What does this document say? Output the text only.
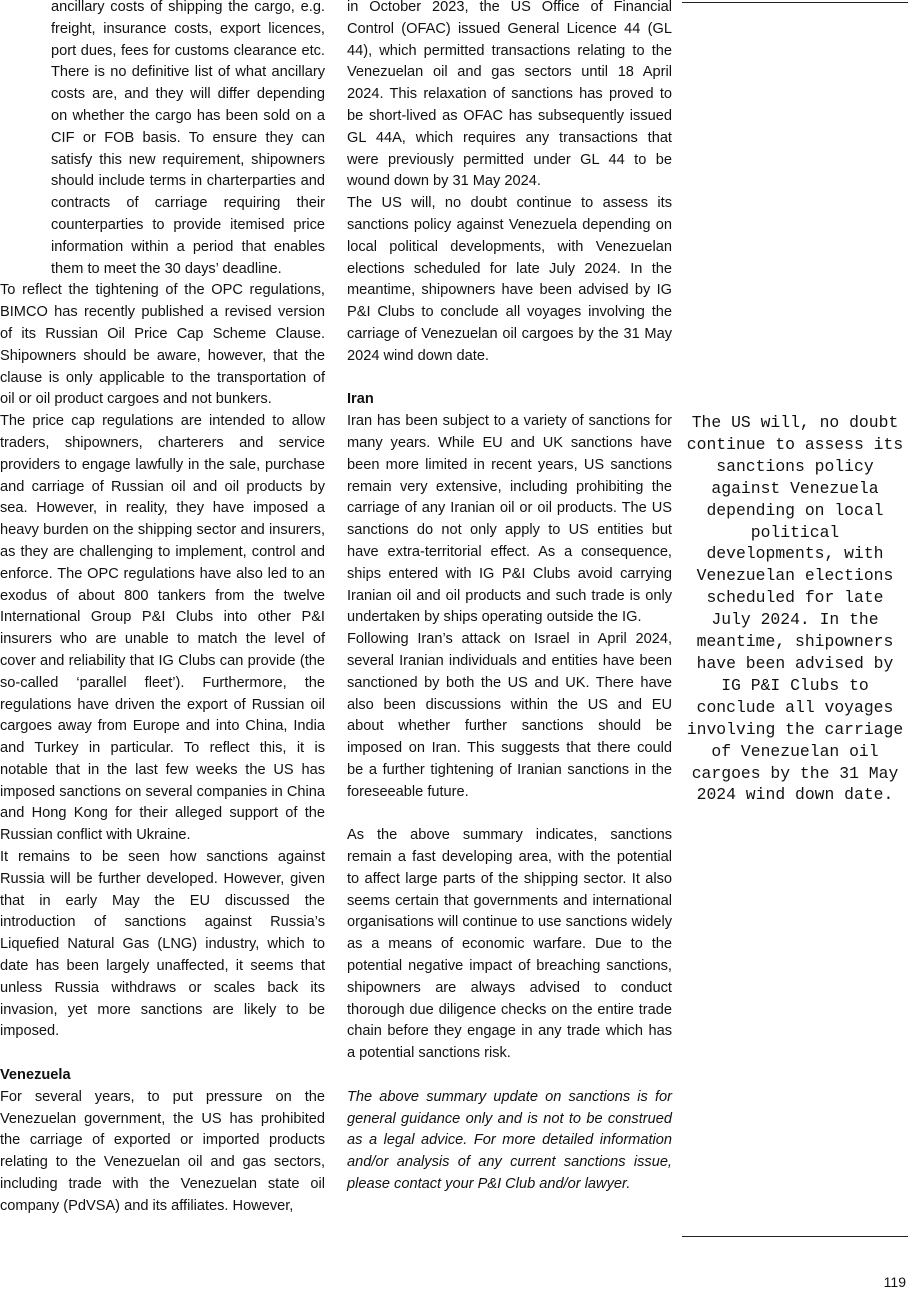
ancillary costs of shipping the cargo, e.g. freight, insurance costs, export licences, port dues, fees for customs clearance etc. There is no definitive list of what ancillary costs are, and they will differ depending on whether the cargo has been sold on a CIF or FOB basis. To ensure they can satisfy this new requirement, shipowners should include terms in charterparties and contracts of carriage requiring their counterparties to provide itemised price information within a period that enables them to meet the 30 days’ deadline.

To reflect the tightening of the OPC regulations, BIMCO has recently published a revised version of its Russian Oil Price Cap Scheme Clause. Shipowners should be aware, however, that the clause is only applicable to the transportation of oil or oil product cargoes and not bunkers.

The price cap regulations are intended to allow traders, shipowners, charterers and service providers to engage lawfully in the sale, purchase and carriage of Russian oil and oil products by sea. However, in reality, they have imposed a heavy burden on the shipping sector and insurers, as they are challenging to implement, control and enforce. The OPC regulations have also led to an exodus of about 800 tankers from the twelve International Group P&I Clubs into other P&I insurers who are unable to match the level of cover and reliability that IG Clubs can provide (the so-called ‘parallel fleet’). Furthermore, the regulations have driven the export of Russian oil cargoes away from Europe and into China, India and Turkey in particular. To reflect this, it is notable that in the last few weeks the US has imposed sanctions on several companies in China and Hong Kong for their alleged support of the Russian conflict with Ukraine.

It remains to be seen how sanctions against Russia will be further developed. However, given that in early May the EU discussed the introduction of sanctions against Russia’s Liquefied Natural Gas (LNG) industry, which to date has been largely unaffected, it seems that unless Russia withdraws or scales back its invasion, yet more sanctions are likely to be imposed.

Venezuela

For several years, to put pressure on the Venezuelan government, the US has prohibited the carriage of exported or imported products relating to the Venezuelan oil and gas sectors, including trade with the Venezuelan state oil company (PdVSA) and its affiliates. However,

in October 2023, the US Office of Financial Control (OFAC) issued General Licence 44 (GL 44), which permitted transactions relating to the Venezuelan oil and gas sectors until 18 April 2024. This relaxation of sanctions has proved to be short-lived as OFAC has subsequently issued GL 44A, which requires any transactions that were previously permitted under GL 44 to be wound down by 31 May 2024.

The US will, no doubt continue to assess its sanctions policy against Venezuela depending on local political developments, with Venezuelan elections scheduled for late July 2024. In the meantime, shipowners have been advised by IG P&I Clubs to conclude all voyages involving the carriage of Venezuelan oil cargoes by the 31 May 2024 wind down date.

Iran

Iran has been subject to a variety of sanctions for many years. While EU and UK sanctions have been more limited in recent years, US sanctions remain very extensive, including prohibiting the carriage of any Iranian oil or oil products. The US sanctions do not only apply to US entities but have extra-territorial effect. As a consequence, ships entered with IG P&I Clubs avoid carrying Iranian oil and oil products and such trade is only undertaken by ships operating outside the IG.

Following Iran’s attack on Israel in April 2024, several Iranian individuals and entities have been sanctioned by both the US and UK. There have also been discussions within the US and EU about whether further sanctions should be imposed on Iran. This suggests that there could be a further tightening of Iranian sanctions in the foreseeable future.

As the above summary indicates, sanctions remain a fast developing area, with the potential to affect large parts of the shipping sector. It also seems certain that governments and international organisations will continue to use sanctions widely as a means of economic warfare. Due to the potential negative impact of breaching sanctions, shipowners are always advised to conduct thorough due diligence checks on the entire trade chain before they engage in any trade which has a potential sanctions risk.

The above summary update on sanctions is for general guidance only and is not to be construed as a legal advice. For more detailed information and/or analysis of any current sanctions issue, please contact your P&I Club and/or lawyer.

The US will, no doubt continue to assess its sanctions policy against Venezuela depending on local political developments, with Venezuelan elections scheduled for late July 2024. In the meantime, shipowners have been advised by IG P&I Clubs to conclude all voyages involving the carriage of Venezuelan oil cargoes by the 31 May 2024 wind down date.

119
